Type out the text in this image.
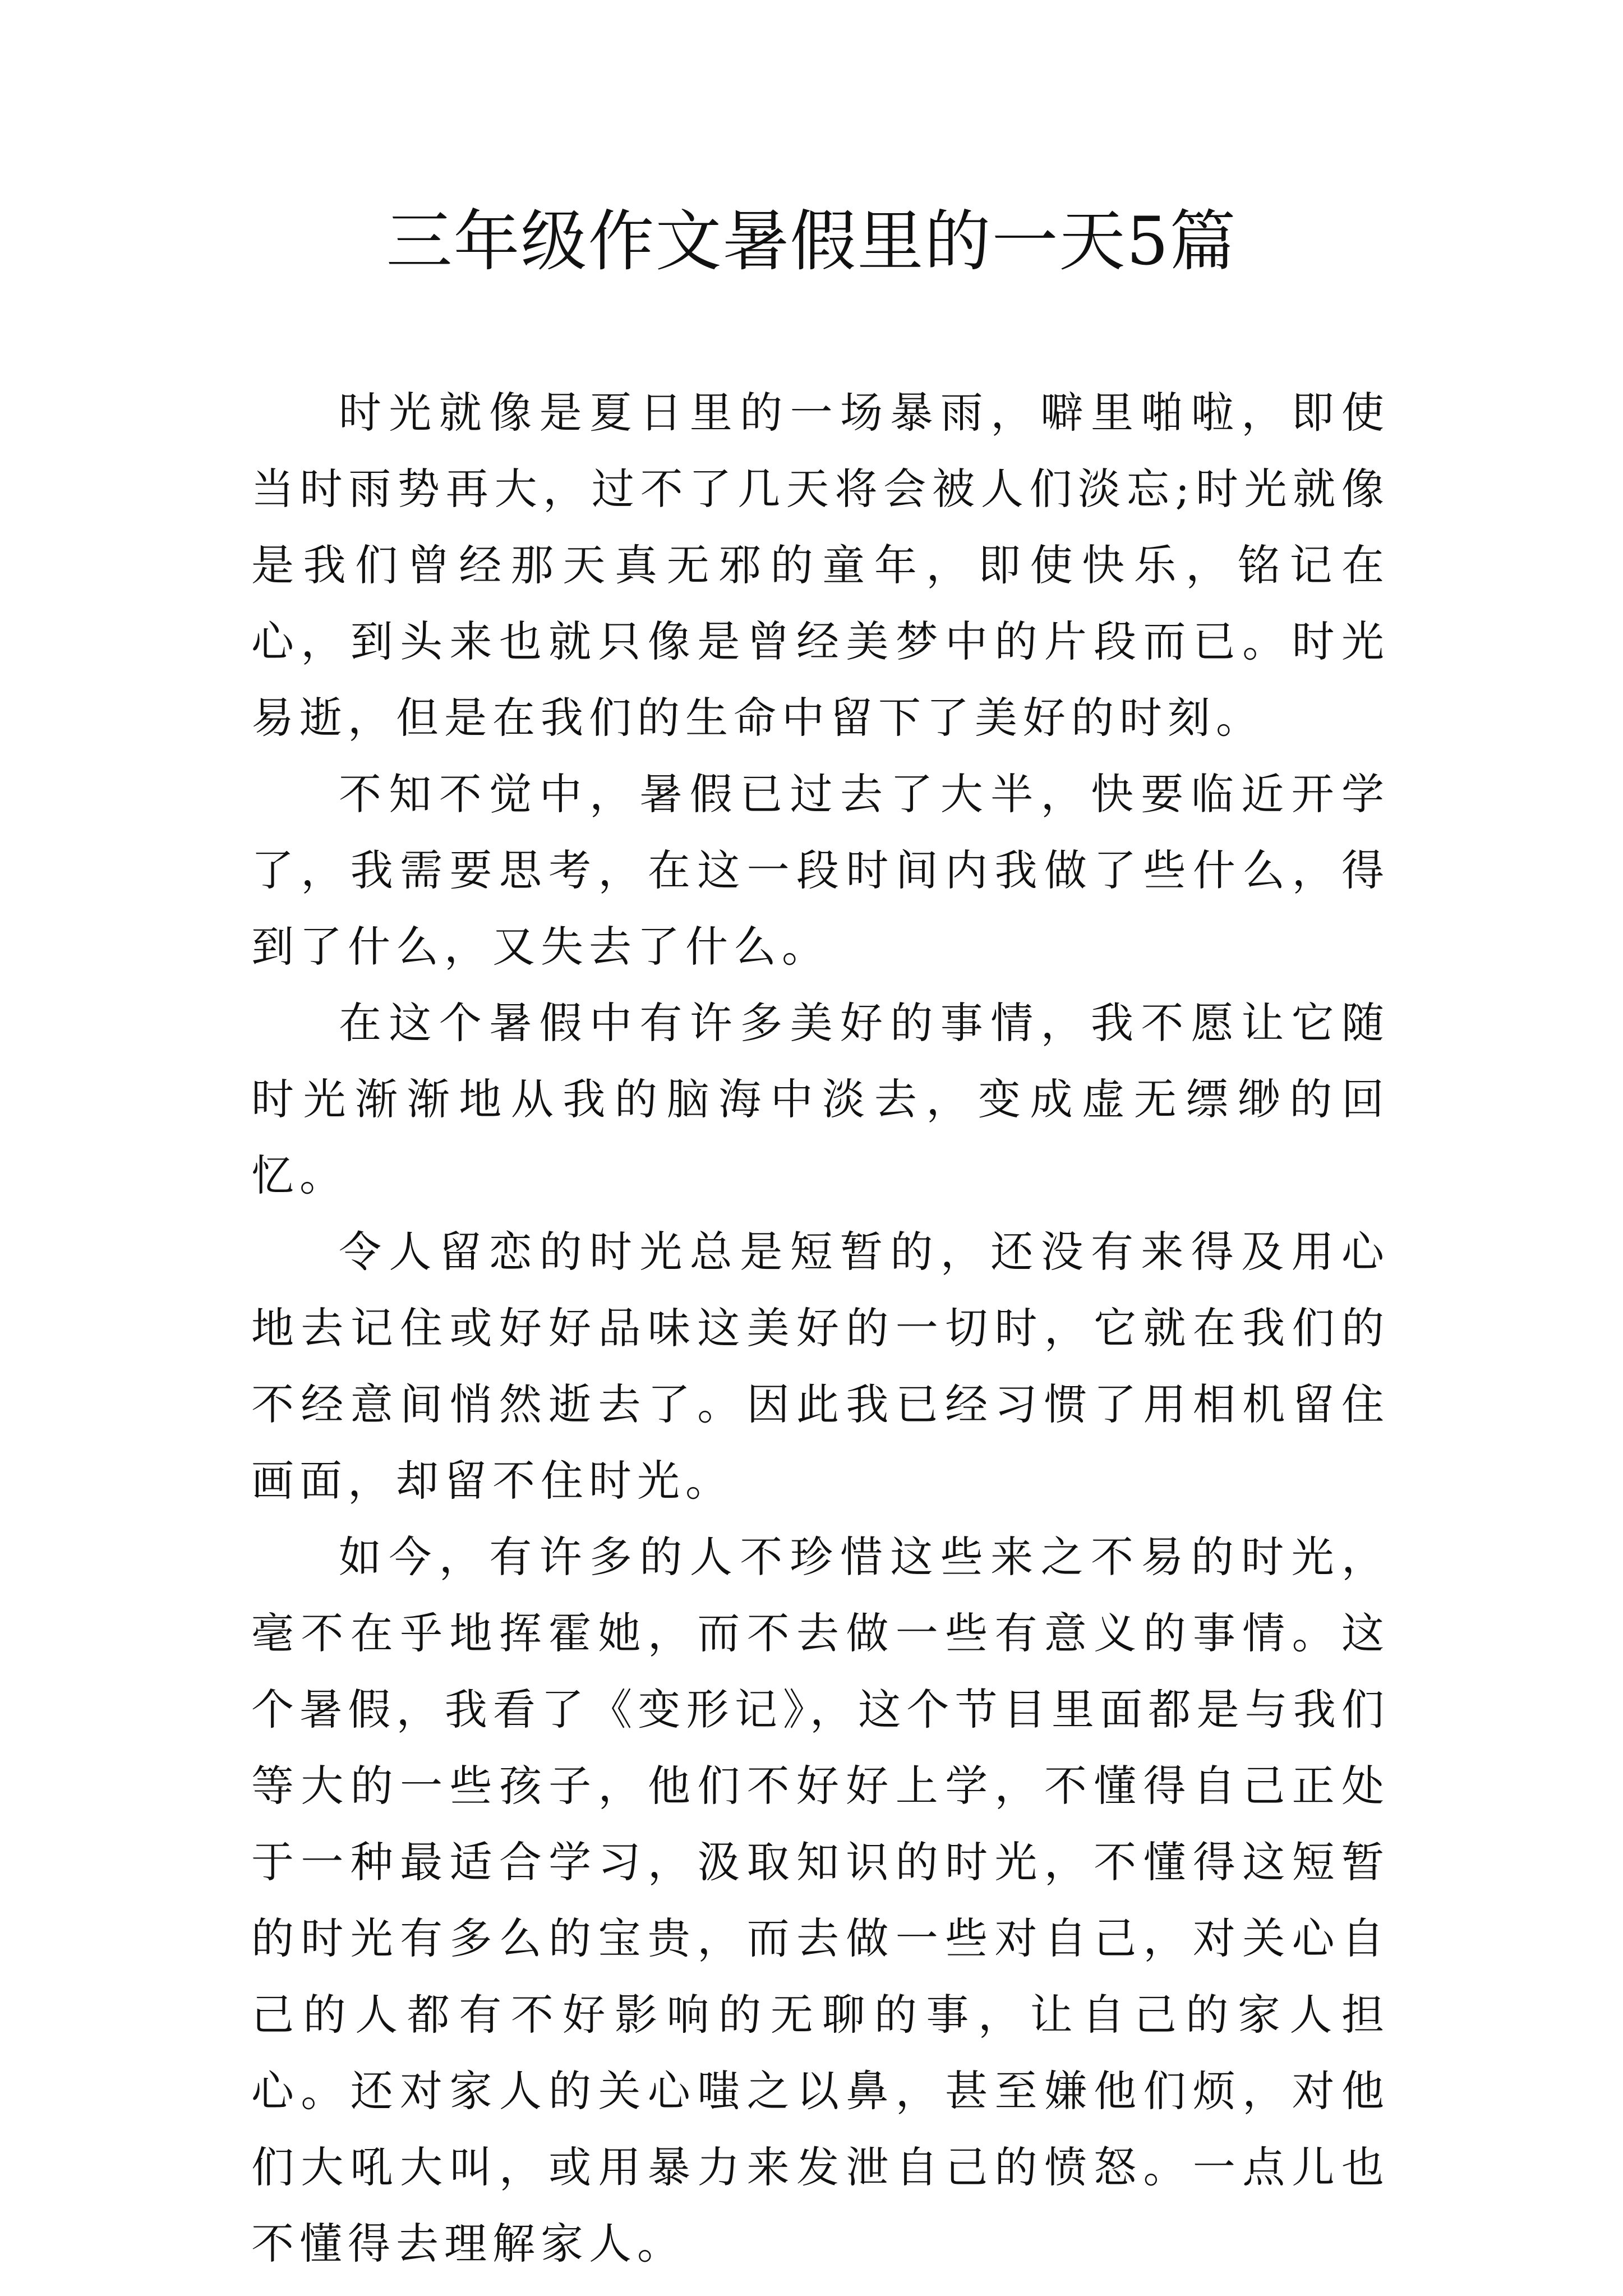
三年级作文暑假里的一天5篇

时光就像是夏日里的一场暴雨，噼里啪啦，即使当时雨势再大，过不了几天将会被人们淡忘;时光就像是我们曾经那天真无邪的童年，即使快乐，铭记在心，到头来也就只像是曾经美梦中的片段而已。时光易逝，但是在我们的生命中留下了美好的时刻。

不知不觉中，暑假已过去了大半，快要临近开学了，我需要思考，在这一段时间内我做了些什么，得到了什么，又失去了什么。

在这个暑假中有许多美好的事情，我不愿让它随时光渐渐地从我的脑海中淡去，变成虚无缥缈的回忆。

令人留恋的时光总是短暂的，还没有来得及用心地去记住或好好品味这美好的一切时，它就在我们的不经意间悄然逝去了。因此我已经习惯了用相机留住画面，却留不住时光。

如今，有许多的人不珍惜这些来之不易的时光，毫不在乎地挥霍她，而不去做一些有意义的事情。这个暑假，我看了《变形记》，这个节目里面都是与我们等大的一些孩子，他们不好好上学，不懂得自己正处于一种最适合学习，汲取知识的时光，不懂得这短暂的时光有多么的宝贵，而去做一些对自己，对关心自己的人都有不好影响的无聊的事，让自己的家人担心。还对家人的关心嗤之以鼻，甚至嫌他们烦，对他们大吼大叫，或用暴力来发泄自己的愤怒。一点儿也不懂得去理解家人。
